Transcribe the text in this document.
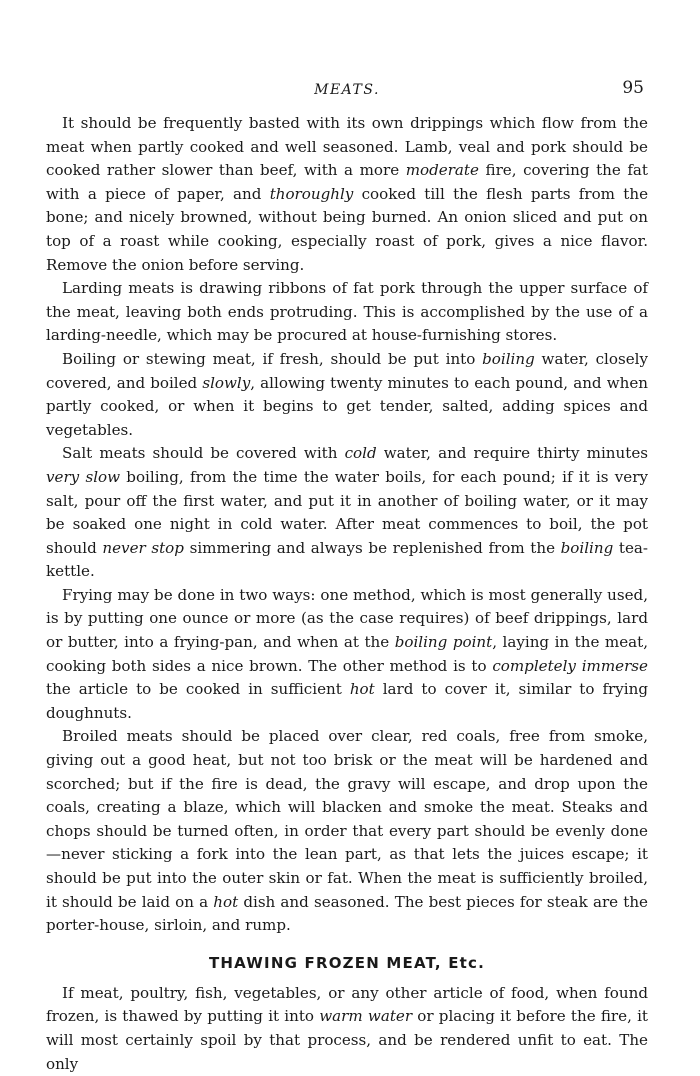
MEATS.	95

It should be frequently basted with its own drippings which flow from the meat when partly cooked and well seasoned. Lamb, veal and pork should be cooked rather slower than beef, with a more moderate fire, covering the fat with a piece of paper, and thoroughly cooked till the flesh parts from the bone; and nicely browned, without being burned. An onion sliced and put on top of a roast while cooking, especially roast of pork, gives a nice flavor. Remove the onion before serving.

Larding meats is drawing ribbons of fat pork through the upper surface of the meat, leaving both ends protruding. This is accomplished by the use of a larding-needle, which may be procured at house-furnishing stores.

Boiling or stewing meat, if fresh, should be put into boiling water, closely covered, and boiled slowly, allowing twenty minutes to each pound, and when partly cooked, or when it begins to get tender, salted, adding spices and vegetables.

Salt meats should be covered with cold water, and require thirty minutes very slow boiling, from the time the water boils, for each pound; if it is very salt, pour off the first water, and put it in another of boiling water, or it may be soaked one night in cold water. After meat commences to boil, the pot should never stop simmering and always be replenished from the boiling tea-kettle.

Frying may be done in two ways: one method, which is most generally used, is by putting one ounce or more (as the case requires) of beef drippings, lard or butter, into a frying-pan, and when at the boiling point, laying in the meat, cooking both sides a nice brown. The other method is to completely immerse the article to be cooked in sufficient hot lard to cover it, similar to frying doughnuts.

Broiled meats should be placed over clear, red coals, free from smoke, giving out a good heat, but not too brisk or the meat will be hardened and scorched; but if the fire is dead, the gravy will escape, and drop upon the coals, creating a blaze, which will blacken and smoke the meat. Steaks and chops should be turned often, in order that every part should be evenly done—never sticking a fork into the lean part, as that lets the juices escape; it should be put into the outer skin or fat. When the meat is sufficiently broiled, it should be laid on a hot dish and seasoned. The best pieces for steak are the porter-house, sirloin, and rump.

THAWING FROZEN MEAT, Etc.

If meat, poultry, fish, vegetables, or any other article of food, when found frozen, is thawed by putting it into warm water or placing it before the fire, it will most certainly spoil by that process, and be rendered unfit to eat. The only
